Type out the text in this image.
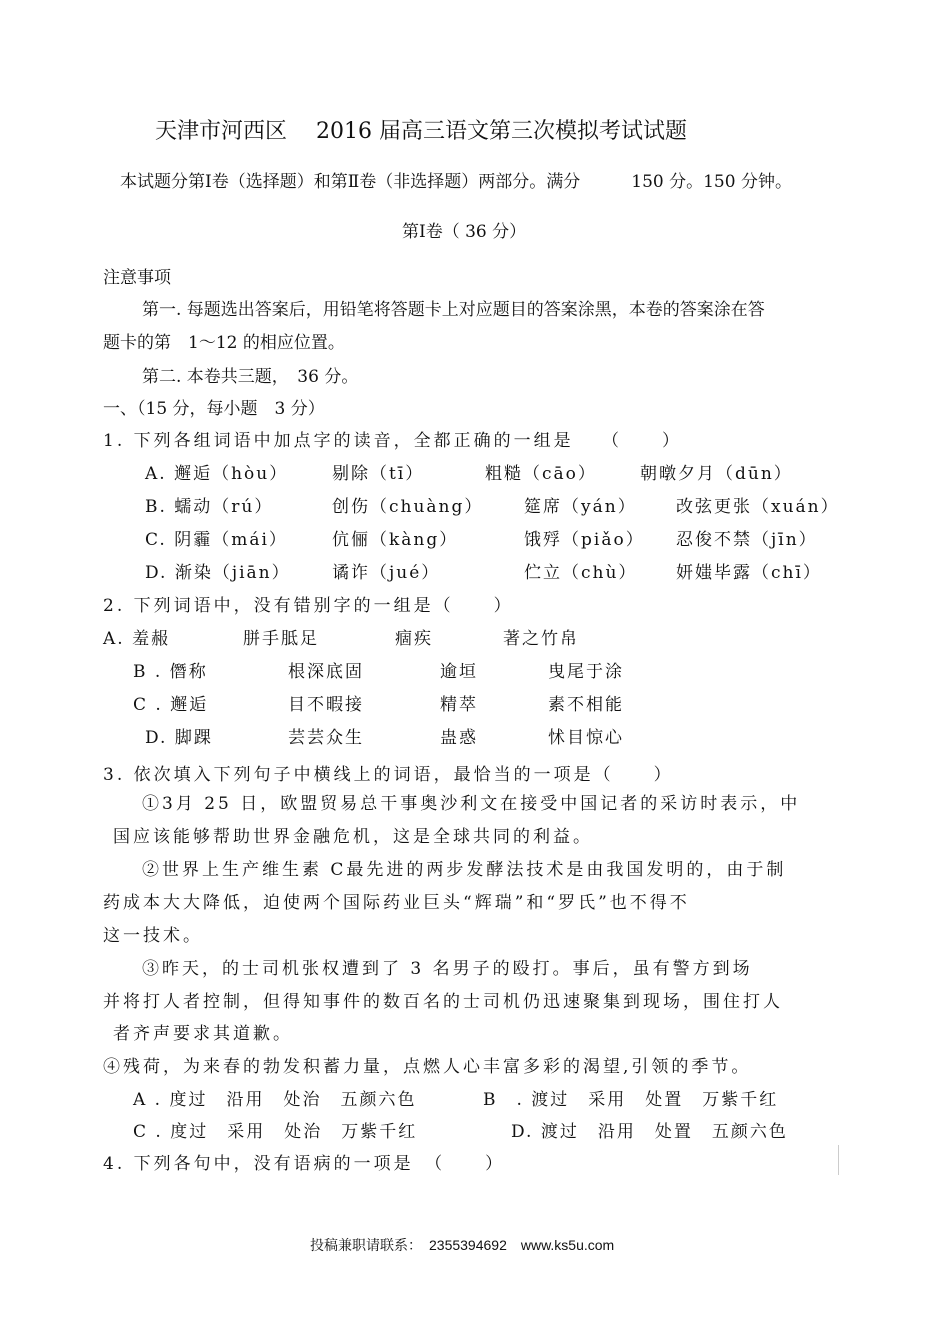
天津市河西区　 2016 届高三语文第三次模拟考试试题
本试题分第Ⅰ卷（选择题）和第Ⅱ卷（非选择题）两部分。满分　　　150 分。150 分钟。
第Ⅰ卷（ 36 分）
注意事项
第一. 每题选出答案后，用铅笔将答题卡上对应题目的答案涂黑，本卷的答案涂在答
题卡的第　1～12 的相应位置。
第二. 本卷共三题，　36 分。
一、（15 分，每小题　3 分）
1. 下列各组词语中加点字的读音，全都正确的一组是　 （　　）
A. 邂逅（hòu）	剔除（tī）	粗糙（cāo）	朝暾夕月（dūn）
B. 蠕动（rú）	创伤（chuàng） 筵席（yán） 改弦更张（xuán）
C. 阴霾（mái）	伉俪（kàng）	饿殍（piǎo） 忍俊不禁（jīn）
D. 渐染（jiān） 谲诈（jué）	伫立（chù） 妍媸毕露（chī）
2. 下列词语中，没有错别字的一组是（　　）
A. 羞赧	胼手胝足	痼疾	著之竹帛
B . 僭称	根深底固	逾垣	曳尾于涂
C . 邂逅	目不暇接	精萃	素不相能
D. 脚踝	芸芸众生	蛊惑	怵目惊心
3. 依次填入下列句子中横线上的词语，最恰当的一项是（　　）
①3月 25 日，欧盟贸易总干事奥沙利文在接受中国记者的采访时表示，中
国应该能够帮助世界金融危机，这是全球共同的利益。
②世界上生产维生素 C最先进的两步发酵法技术是由我国发明的，由于制
药成本大大降低，迫使两个国际药业巨头“辉瑞”和“罗氏”也不得不
这一技术。
③昨天，的士司机张权遭到了 3 名男子的殴打。事后，虽有警方到场
并将打人者控制，但得知事件的数百名的士司机仍迅速聚集到现场，围住打人
者齐声要求其道歉。
④残荷，为来春的勃发积蓄力量，点燃人心丰富多彩的渴望,引领的季节。
A . 度过　沿用　处治　五颜六色	B　. 渡过　采用　处置　万紫千红
C . 度过　采用　处治　万紫千红	D. 渡过　沿用　处置　五颜六色
4. 下列各句中，没有语病的一项是　（　　）
投稿兼职请联系：　2355394692　www.ks5u.com
